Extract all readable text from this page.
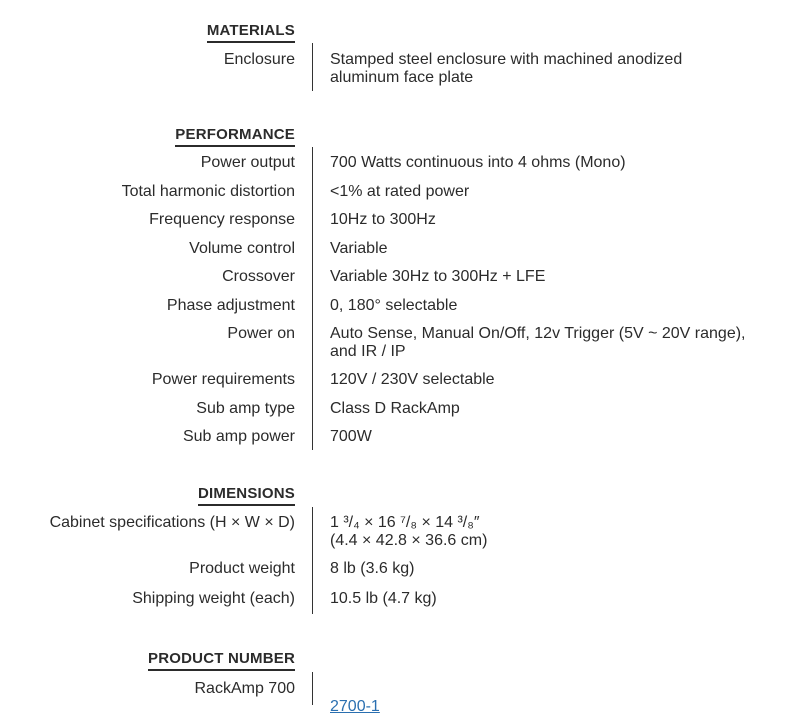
MATERIALS
Enclosure Stamped steel enclosure with machined anodized
aluminum face plate
PERFORMANCE
Power output 700 Watts continuous into 4 ohms (Mono)
Total harmonic distortion <1% at rated power
Frequency response 10Hz to 300Hz
Volume control Variable
Crossover Variable 30Hz to 300Hz + LFE
Phase adjustment 0, 180° selectable
Power on Auto Sense, Manual On/Off, 12v Trigger (5V ~ 20V range),
and IR / IP
Power requirements 120V / 230V selectable
Sub amp type Class D RackAmp
Sub amp power 700W
DIMENSIONS
Cabinet specifications (H × W × D) 1 ³/₄ × 16 ⁷/₈ × 14 ³/₈″
(4.4 × 42.8 × 36.6 cm)
Product weight 8 lb (3.6 kg)
Shipping weight (each) 10.5 lb (4.7 kg)
PRODUCT NUMBER
RackAmp 700

2700-1
